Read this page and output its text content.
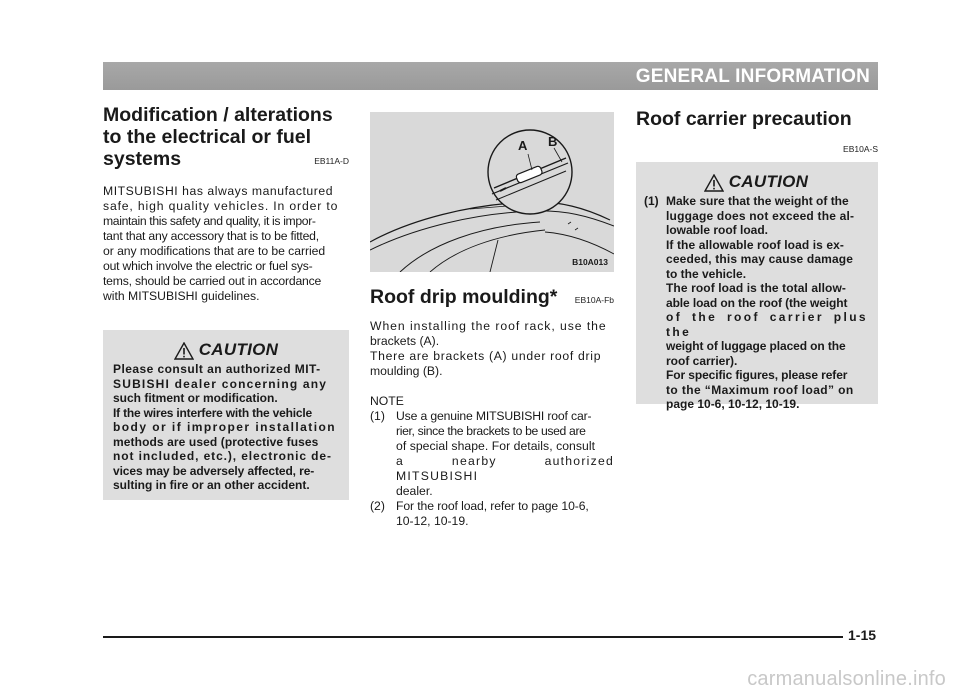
GENERAL INFORMATION
Modification / alterations
to the electrical or fuel
systems	EB11A-D

MITSUBISHI has always manufactured

safe, high quality vehicles. In order to

maintain this safety and quality, it is impor-

tant that any accessory that is to be fitted,

or any modifications that are to be carried

out which involve the electric or fuel sys-

tems, should be carried out in accordance

with MITSUBISHI guidelines.

CAUTION

Please consult an authorized MIT-

SUBISHI dealer concerning any

such fitment or modification.

If the wires interfere with the vehicle

body or if improper installation

methods are used (protective fuses

not included, etc.), electronic de-

vices may be adversely affected, re-

sulting in fire or an other accident.

A B
B10A013
Roof drip moulding* EB10A-Fb

When installing the roof rack, use the

brackets (A).

There are brackets (A) under roof drip

moulding (B).

NOTE

(1) Use a genuine MITSUBISHI roof car-

rier, since the brackets to be used are

of special shape. For details, consult

a nearby authorized MITSUBISHI

dealer.

(2) For the roof load, refer to page 10-6,

10-12, 10-19.

Roof carrier precaution
EB10A-S
CAUTION
(1) Make sure that the weight of the

luggage does not exceed the al-

lowable roof load.

If the allowable roof load is ex-

ceeded, this may cause damage

to the vehicle.

The roof load is the total allow-

able load on the roof (the weight

of the roof carrier plus the

weight of luggage placed on the

roof carrier).

For specific figures, please refer

to the “Maximum roof load” on

page 10-6, 10-12, 10-19.

1-15
carmanualsonline.info
